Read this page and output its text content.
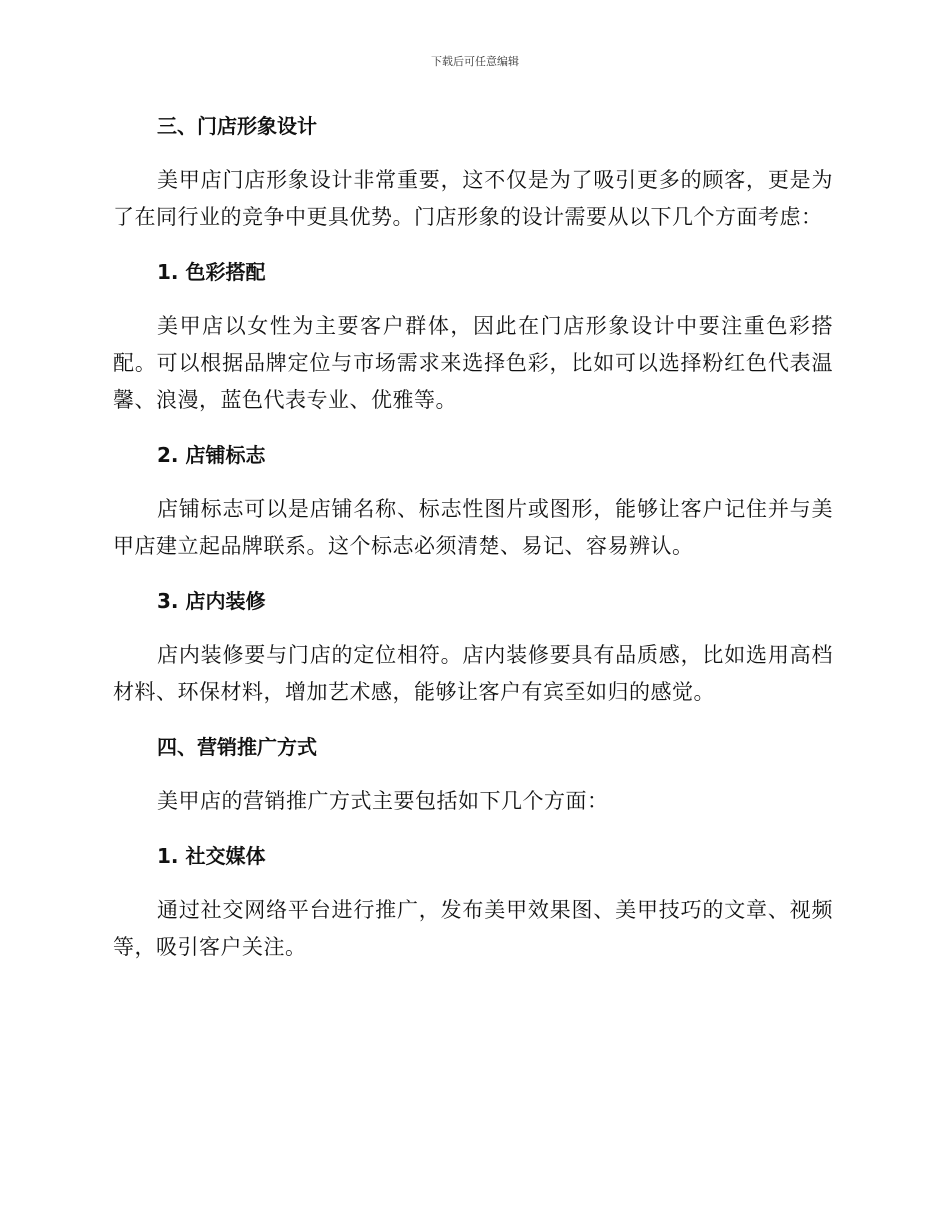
下载后可任意编辑
三、门店形象设计

美甲店门店形象设计非常重要，这不仅是为了吸引更多的顾客，更是为了在同行业的竞争中更具优势。门店形象的设计需要从以下几个方面考虑：

1. 色彩搭配

美甲店以女性为主要客户群体，因此在门店形象设计中要注重色彩搭配。可以根据品牌定位与市场需求来选择色彩，比如可以选择粉红色代表温馨、浪漫，蓝色代表专业、优雅等。

2. 店铺标志

店铺标志可以是店铺名称、标志性图片或图形，能够让客户记住并与美甲店建立起品牌联系。这个标志必须清楚、易记、容易辨认。

3. 店内装修

店内装修要与门店的定位相符。店内装修要具有品质感，比如选用高档材料、环保材料，增加艺术感，能够让客户有宾至如归的感觉。

四、营销推广方式

美甲店的营销推广方式主要包括如下几个方面：

1. 社交媒体

通过社交网络平台进行推广，发布美甲效果图、美甲技巧的文章、视频等，吸引客户关注。
